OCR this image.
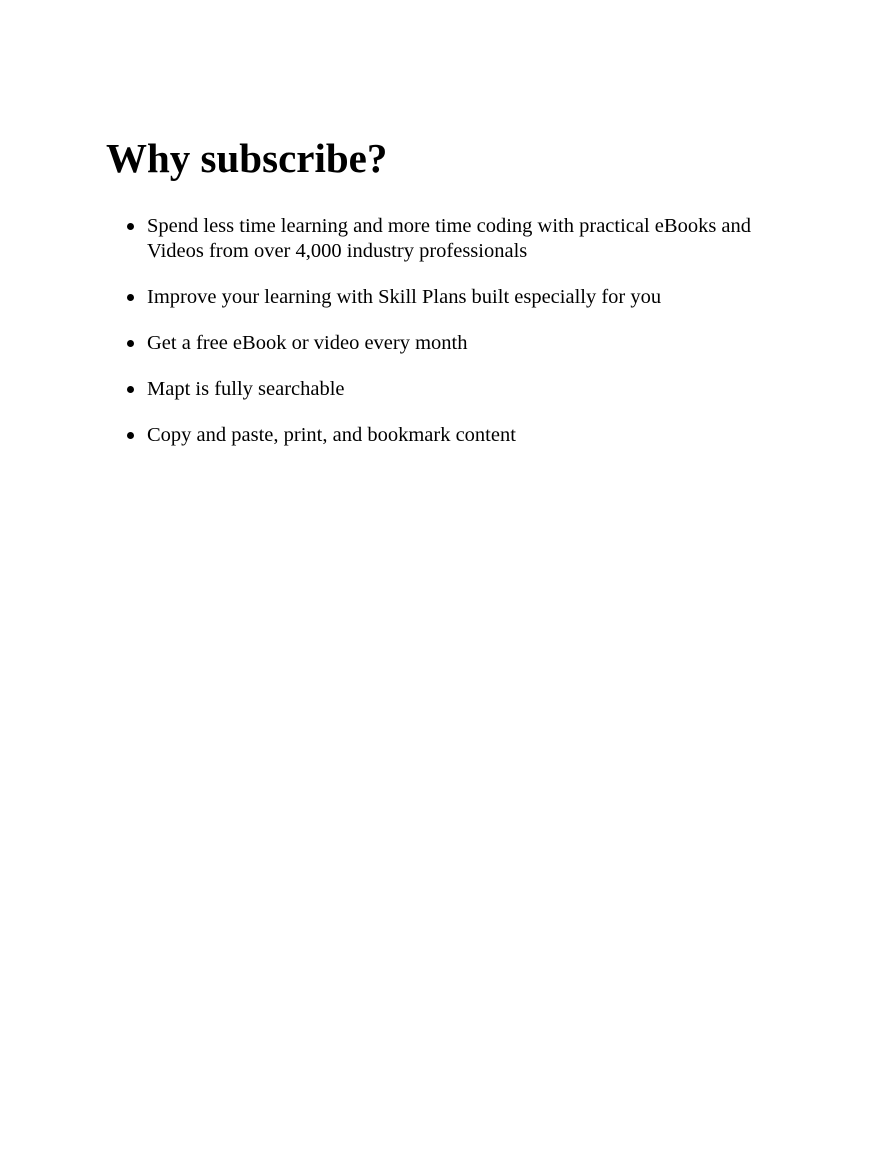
Why subscribe?
Spend less time learning and more time coding with practical eBooks and Videos from over 4,000 industry professionals
Improve your learning with Skill Plans built especially for you
Get a free eBook or video every month
Mapt is fully searchable
Copy and paste, print, and bookmark content
